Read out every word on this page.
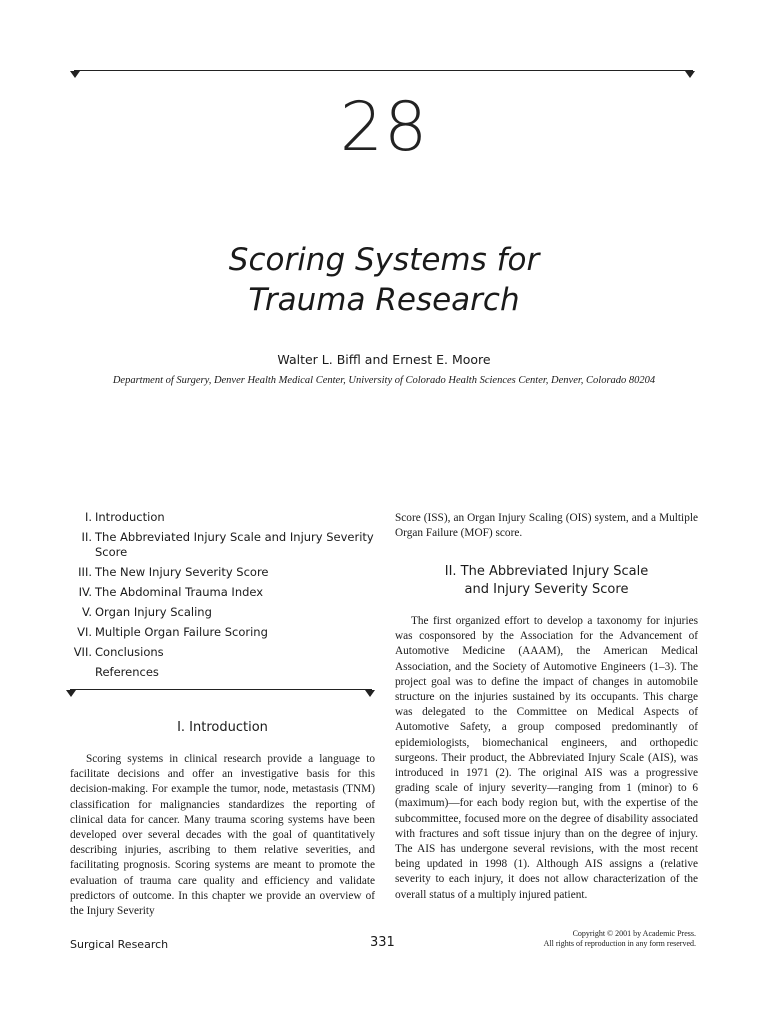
28
Scoring Systems for
Trauma Research
Walter L. Biffl and Ernest E. Moore
Department of Surgery, Denver Health Medical Center, University of Colorado Health Sciences Center, Denver, Colorado 80204
I. Introduction
II. The Abbreviated Injury Scale and Injury Severity Score
III. The New Injury Severity Score
IV. The Abdominal Trauma Index
V. Organ Injury Scaling
VI. Multiple Organ Failure Scoring
VII. Conclusions
References
I. Introduction

Scoring systems in clinical research provide a language to facilitate decisions and offer an investigative basis for this decision-making. For example the tumor, node, metastasis (TNM) classification for malignancies standardizes the reporting of clinical data for cancer. Many trauma scoring systems have been developed over several decades with the goal of quantitatively describing injuries, ascribing to them relative severities, and facilitating prognosis. Scoring systems are meant to promote the evaluation of trauma care quality and efficiency and validate predictors of outcome. In this chapter we provide an overview of the Injury Severity

Score (ISS), an Organ Injury Scaling (OIS) system, and a Multiple Organ Failure (MOF) score.

II. The Abbreviated Injury Scale
and Injury Severity Score

The first organized effort to develop a taxonomy for injuries was cosponsored by the Association for the Advancement of Automotive Medicine (AAAM), the American Medical Association, and the Society of Automotive Engineers (1–3). The project goal was to define the impact of changes in automobile structure on the injuries sustained by its occupants. This charge was delegated to the Committee on Medical Aspects of Automotive Safety, a group composed predominantly of epidemiologists, biomechanical engineers, and orthopedic surgeons. Their product, the Abbreviated Injury Scale (AIS), was introduced in 1971 (2). The original AIS was a progressive grading scale of injury severity—ranging from 1 (minor) to 6 (maximum)—for each body region but, with the expertise of the subcommittee, focused more on the degree of disability associated with fractures and soft tissue injury than on the degree of injury. The AIS has undergone several revisions, with the most recent being updated in 1998 (1). Although AIS assigns a (relative severity to each injury, it does not allow characterization of the overall status of a multiply injured patient.

Surgical Research	331
Copyright © 2001 by Academic Press.
All rights of reproduction in any form reserved.
